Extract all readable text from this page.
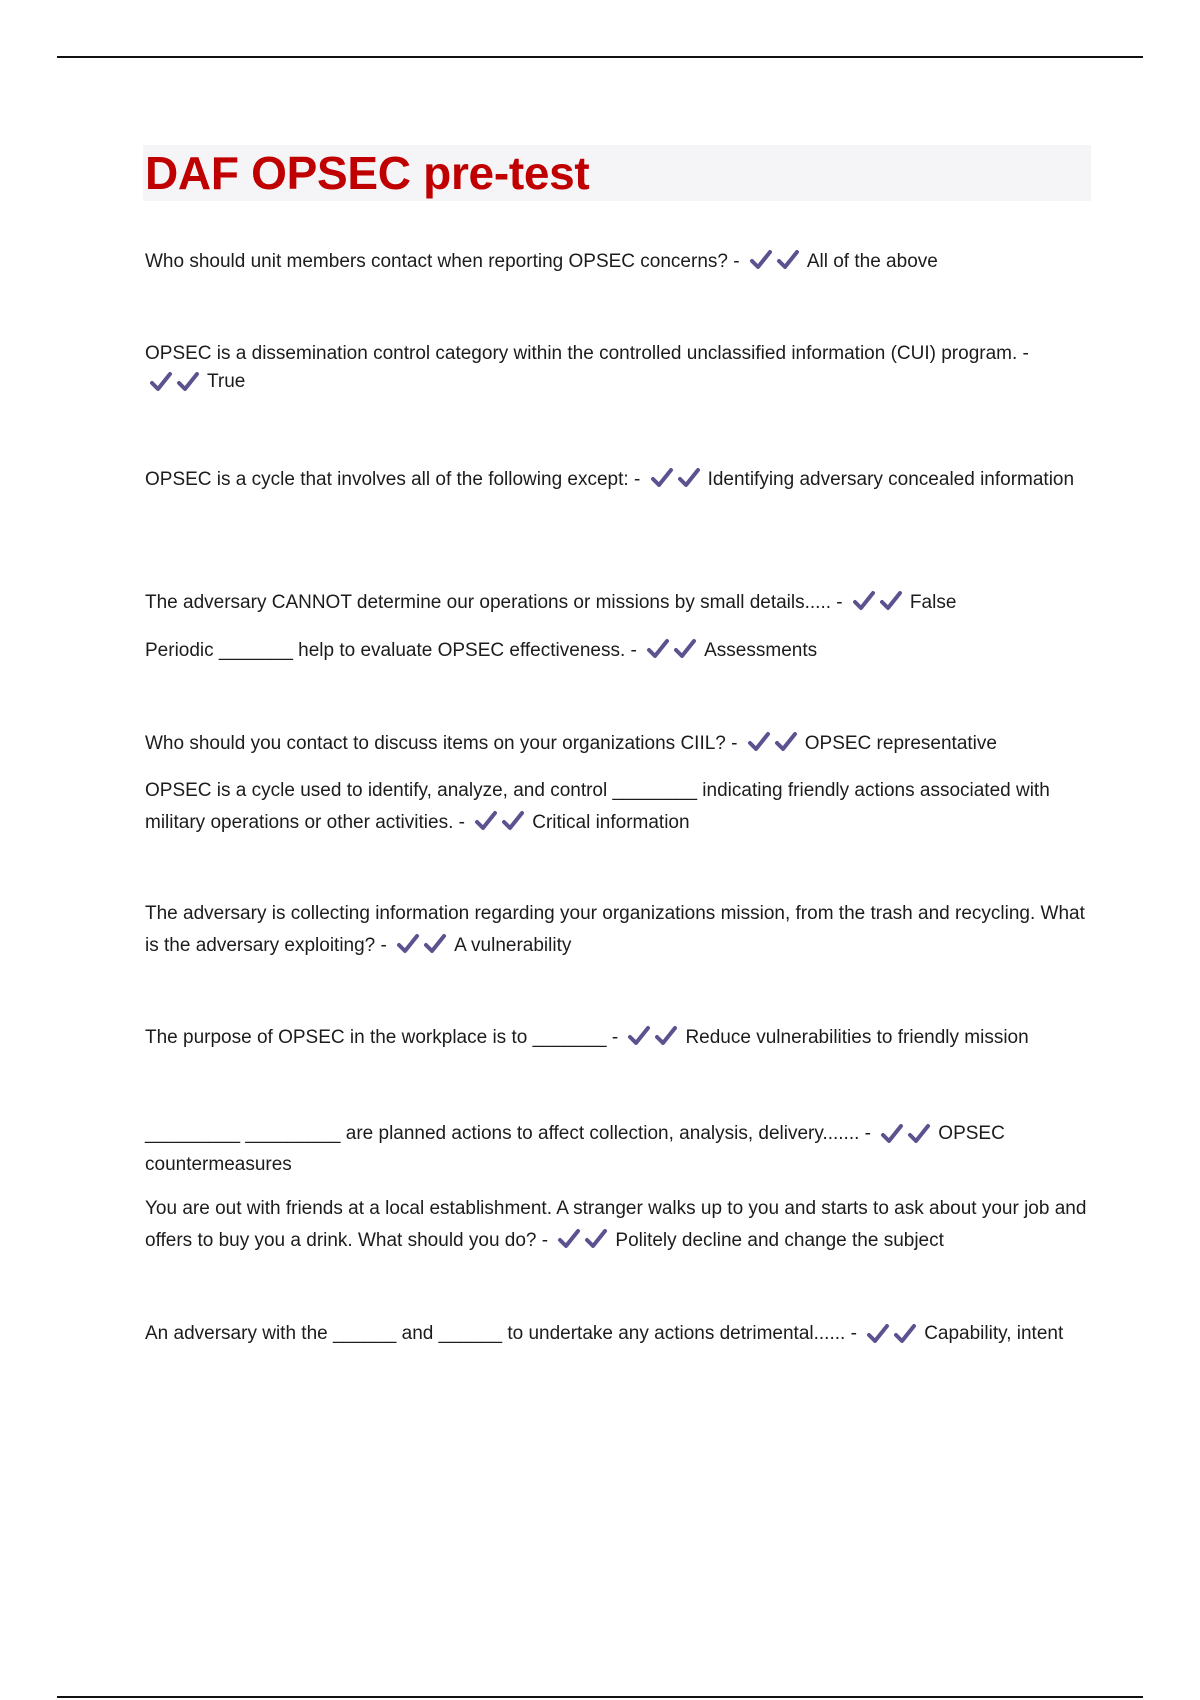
DAF OPSEC pre-test

Who should unit members contact when reporting OPSEC concerns? -	All of the above

OPSEC is a dissemination control category within the controlled unclassified information (CUI) program. -
True

OPSEC is a cycle that involves all of the following except: -	Identifying adversary concealed information

The adversary CANNOT determine our operations or missions by small details..... -	False

Periodic _______ help to evaluate OPSEC effectiveness. -	Assessments

Who should you contact to discuss items on your organizations CIIL? -	OPSEC representative

OPSEC is a cycle used to identify, analyze, and control ________ indicating friendly actions associated with military operations or other activities. -	Critical information

The adversary is collecting information regarding your organizations mission, from the trash and recycling. What is the adversary exploiting? -	A vulnerability

The purpose of OPSEC in the workplace is to _______ -	Reduce vulnerabilities to friendly mission

_________ _________ are planned actions to affect collection, analysis, delivery....... -	OPSEC countermeasures

You are out with friends at a local establishment. A stranger walks up to you and starts to ask about your job and offers to buy you a drink. What should you do? -	Politely decline and change the subject

An adversary with the ______ and ______ to undertake any actions detrimental...... -	Capability, intent
